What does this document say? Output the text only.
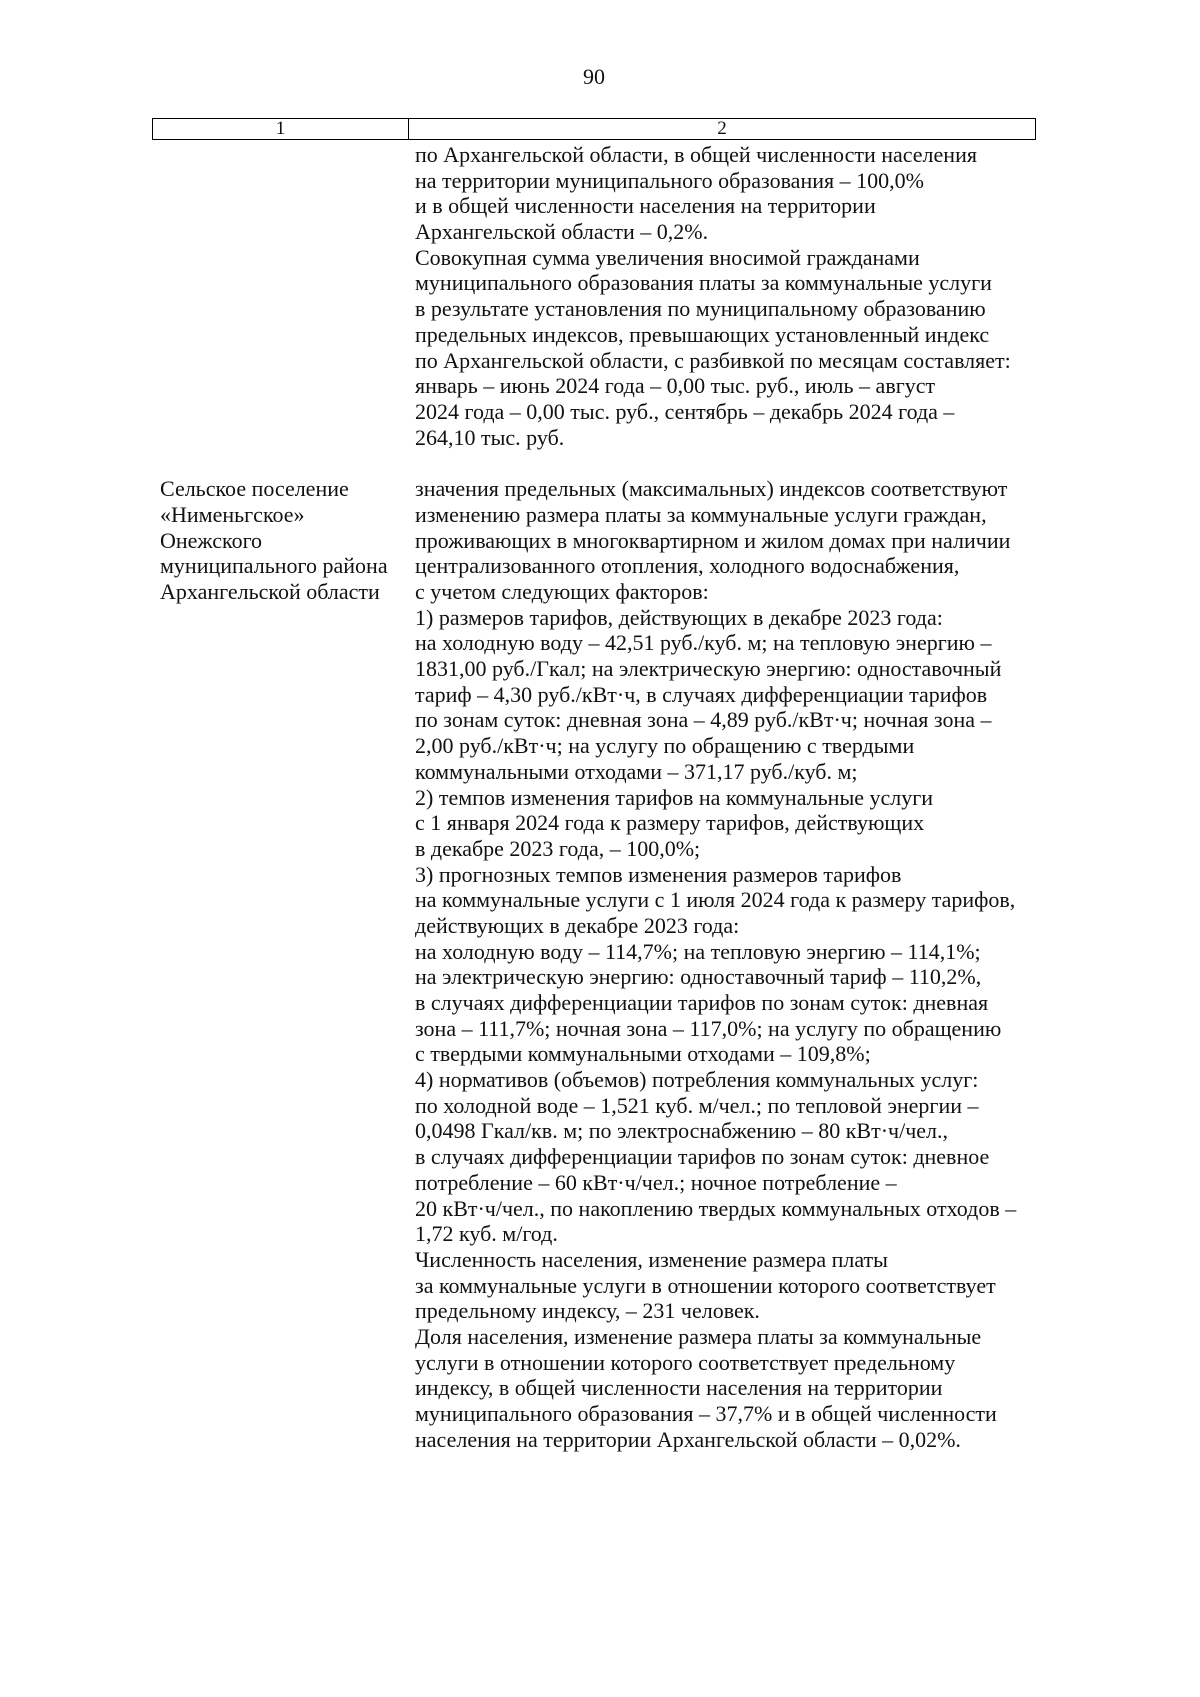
90
1	2
по Архангельской области, в общей численности населения
на территории муниципального образования – 100,0%
и в общей численности населения на территории
Архангельской области – 0,2%.
Совокупная сумма увеличения вносимой гражданами
муниципального образования платы за коммунальные услуги
в результате установления по муниципальному образованию
предельных индексов, превышающих установленный индекс
по Архангельской области, с разбивкой по месяцам составляет:
январь – июнь 2024 года – 0,00 тыс. руб., июль – август
2024 года – 0,00 тыс. руб., сентябрь – декабрь 2024 года –
264,10 тыс. руб.
Сельское поселение
«Нименьгское»
Онежского
муниципального района
Архангельской области
значения предельных (максимальных) индексов соответствуют
изменению размера платы за коммунальные услуги граждан,
проживающих в многоквартирном и жилом домах при наличии
централизованного отопления, холодного водоснабжения,
с учетом следующих факторов:
1) размеров тарифов, действующих в декабре 2023 года:
на холодную воду – 42,51 руб./куб. м; на тепловую энергию –
1831,00 руб./Гкал; на электрическую энергию: одноставочный
тариф – 4,30 руб./кВт·ч, в случаях дифференциации тарифов
по зонам суток: дневная зона – 4,89 руб./кВт·ч; ночная зона –
2,00 руб./кВт·ч; на услугу по обращению с твердыми
коммунальными отходами – 371,17 руб./куб. м;
2) темпов изменения тарифов на коммунальные услуги
с 1 января 2024 года к размеру тарифов, действующих
в декабре 2023 года, – 100,0%;
3) прогнозных темпов изменения размеров тарифов
на коммунальные услуги с 1 июля 2024 года к размеру тарифов,
действующих в декабре 2023 года:
на холодную воду – 114,7%; на тепловую энергию – 114,1%;
на электрическую энергию: одноставочный тариф – 110,2%,
в случаях дифференциации тарифов по зонам суток: дневная
зона – 111,7%; ночная зона – 117,0%; на услугу по обращению
с твердыми коммунальными отходами – 109,8%;
4) нормативов (объемов) потребления коммунальных услуг:
по холодной воде – 1,521 куб. м/чел.; по тепловой энергии –
0,0498 Гкал/кв. м; по электроснабжению – 80 кВт·ч/чел.,
в случаях дифференциации тарифов по зонам суток: дневное
потребление – 60 кВт·ч/чел.; ночное потребление –
20 кВт·ч/чел., по накоплению твердых коммунальных отходов –
1,72 куб. м/год.
Численность населения, изменение размера платы
за коммунальные услуги в отношении которого соответствует
предельному индексу, – 231 человек.
Доля населения, изменение размера платы за коммунальные
услуги в отношении которого соответствует предельному
индексу, в общей численности населения на территории
муниципального образования – 37,7% и в общей численности
населения на территории Архангельской области – 0,02%.
